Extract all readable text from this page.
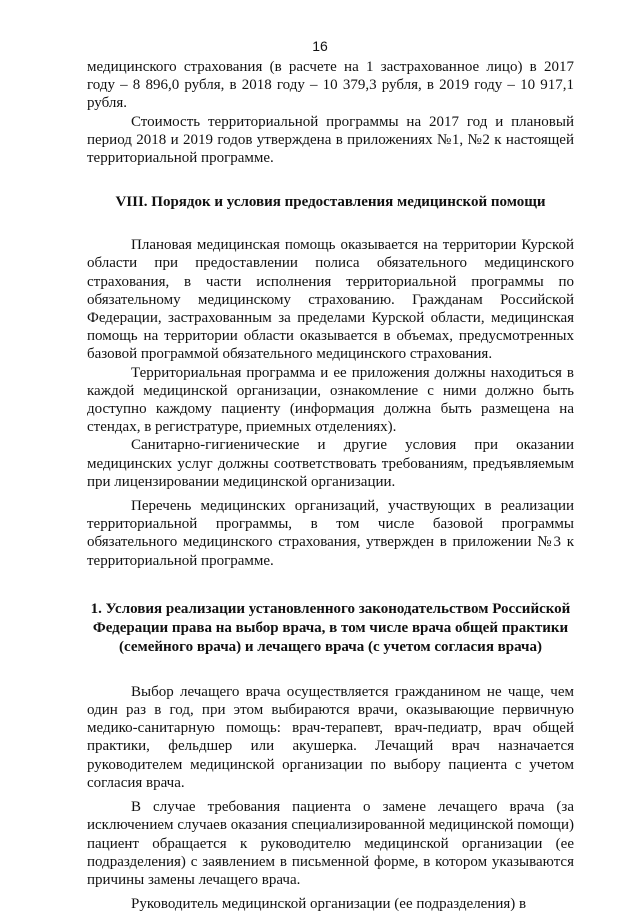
16

медицинского страхования (в расчете на 1 застрахованное лицо) в 2017 году – 8 896,0 рубля, в 2018 году – 10 379,3 рубля, в 2019 году – 10 917,1 рубля.

Стоимость территориальной программы на 2017 год и плановый период 2018 и 2019 годов утверждена в приложениях №1, №2 к настоящей территориальной программе.

VIII. Порядок и условия предоставления медицинской помощи

Плановая медицинская помощь оказывается на территории Курской области при предоставлении полиса обязательного медицинского страхования, в части исполнения территориальной программы по обязательному медицинскому страхованию. Гражданам Российской Федерации, застрахованным за пределами Курской области, медицинская помощь на территории области оказывается в объемах, предусмотренных базовой программой обязательного медицинского страхования.

Территориальная программа и ее приложения должны находиться в каждой медицинской организации, ознакомление с ними должно быть доступно каждому пациенту (информация должна быть размещена на стендах, в регистратуре, приемных отделениях).

Санитарно-гигиенические и другие условия при оказании медицинских услуг должны соответствовать требованиям, предъявляемым при лицензировании медицинской организации.

Перечень медицинских организаций, участвующих в реализации территориальной программы, в том числе базовой программы обязательного медицинского страхования, утвержден в приложении №3 к территориальной программе.

1. Условия реализации установленного законодательством Российской Федерации права на выбор врача, в том числе врача общей практики (семейного врача) и лечащего врача (с учетом согласия врача)

Выбор лечащего врача осуществляется гражданином не чаще, чем один раз в год, при этом выбираются врачи, оказывающие первичную медико-санитарную помощь: врач-терапевт, врач-педиатр, врач общей практики, фельдшер или акушерка. Лечащий врач назначается руководителем медицинской организации по выбору пациента с учетом согласия врача.

В случае требования пациента о замене лечащего врача (за исключением случаев оказания специализированной медицинской помощи) пациент обращается к руководителю медицинской организации (ее подразделения) с заявлением в письменной форме, в котором указываются причины замены лечащего врача.

Руководитель медицинской организации (ее подразделения) в
